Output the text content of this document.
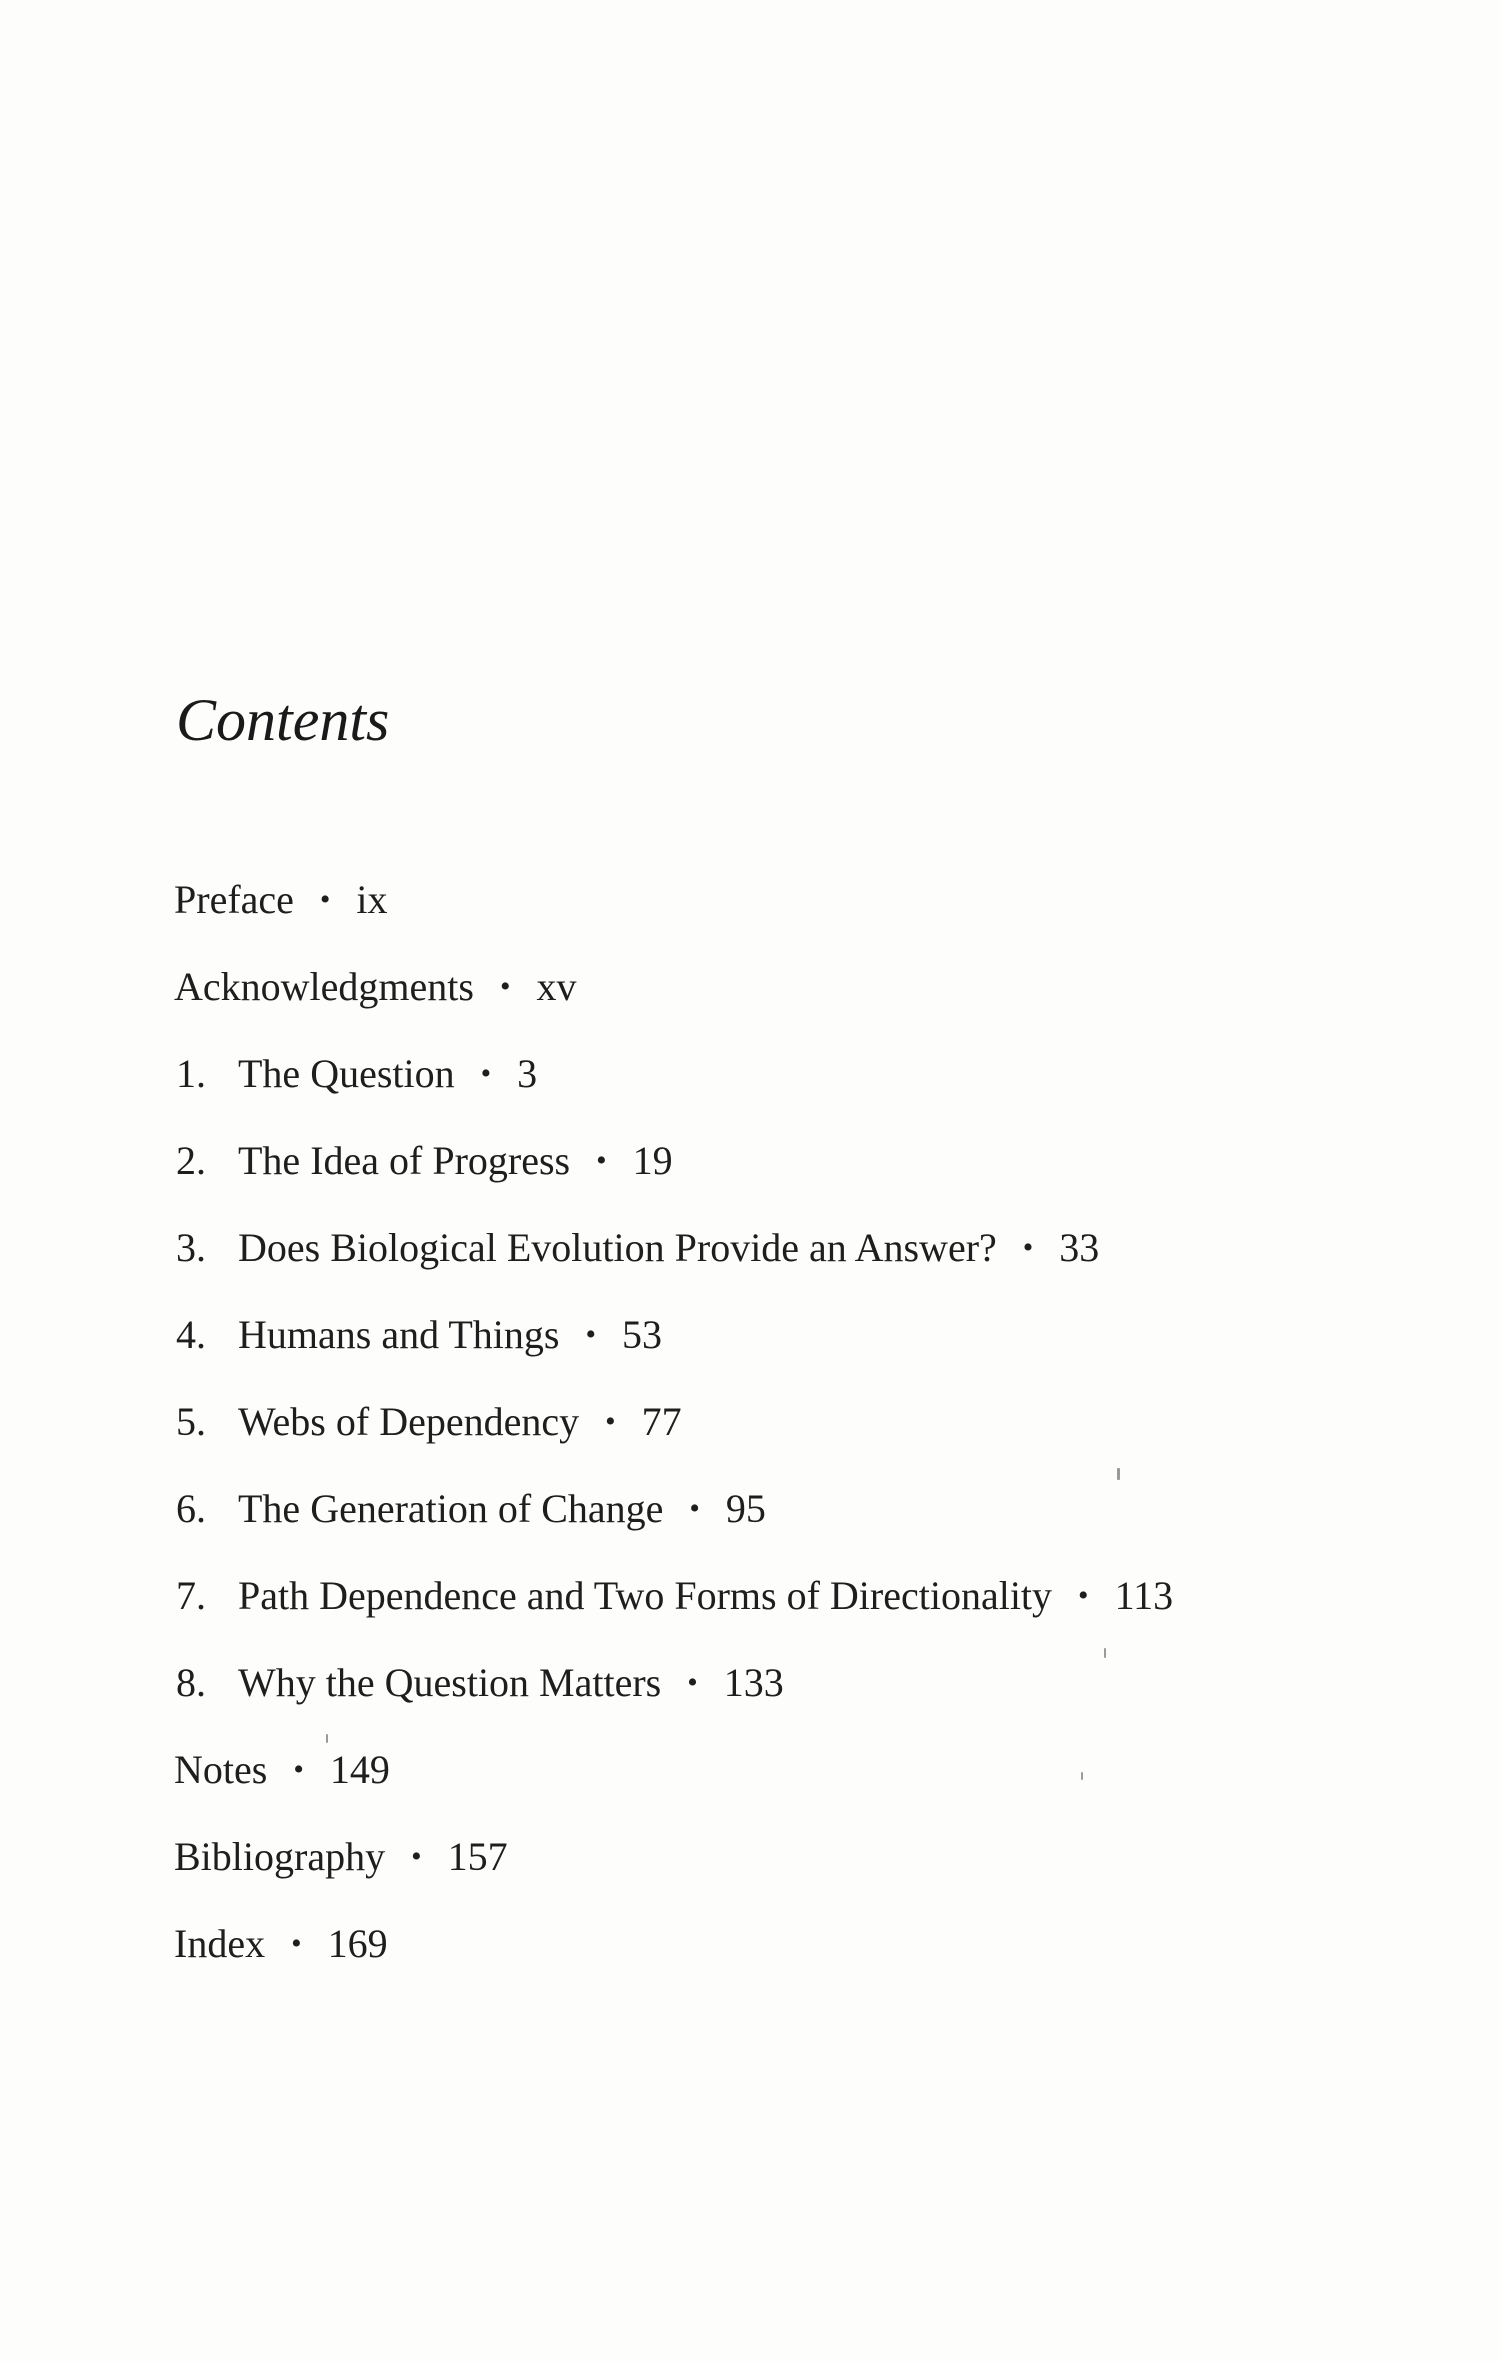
Contents
Preface • ix
Acknowledgments • xv
1. The Question • 3
2. The Idea of Progress • 19
3. Does Biological Evolution Provide an Answer? • 33
4. Humans and Things • 53
5. Webs of Dependency • 77
6. The Generation of Change • 95
7. Path Dependence and Two Forms of Directionality • 113
8. Why the Question Matters • 133
Notes • 149
Bibliography • 157
Index • 169
